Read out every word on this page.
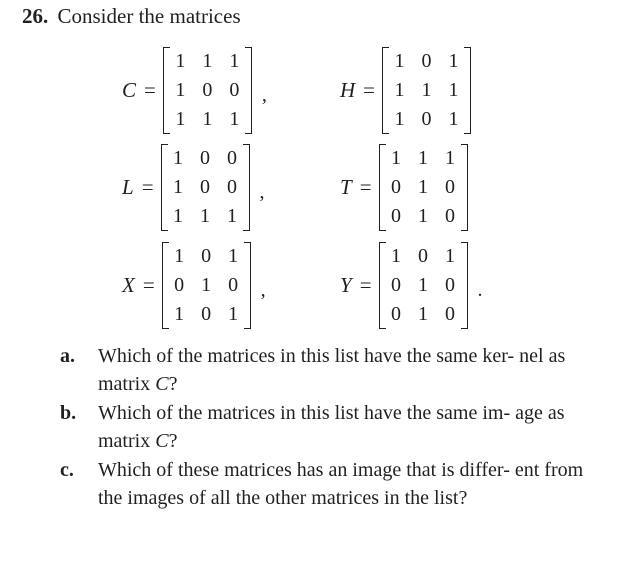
26. Consider the matrices
C =
1 1 1
1 0 0
1 1 1
,	H =
1 0 1
1 1 1
1 0 1
L =
1 0 0
1 0 0
1 1 1
,	T =
1 1 1
0 1 0
0 1 0
X =
1 0 1
0 1 0
1 0 1
,	Y =
1 0 1
0 1 0
0 1 0
.
a.	Which of the matrices in this list have the same ker- nel as matrix C?
b.	Which of the matrices in this list have the same im- age as matrix C?
c.	Which of these matrices has an image that is differ- ent from the images of all the other matrices in the list?
